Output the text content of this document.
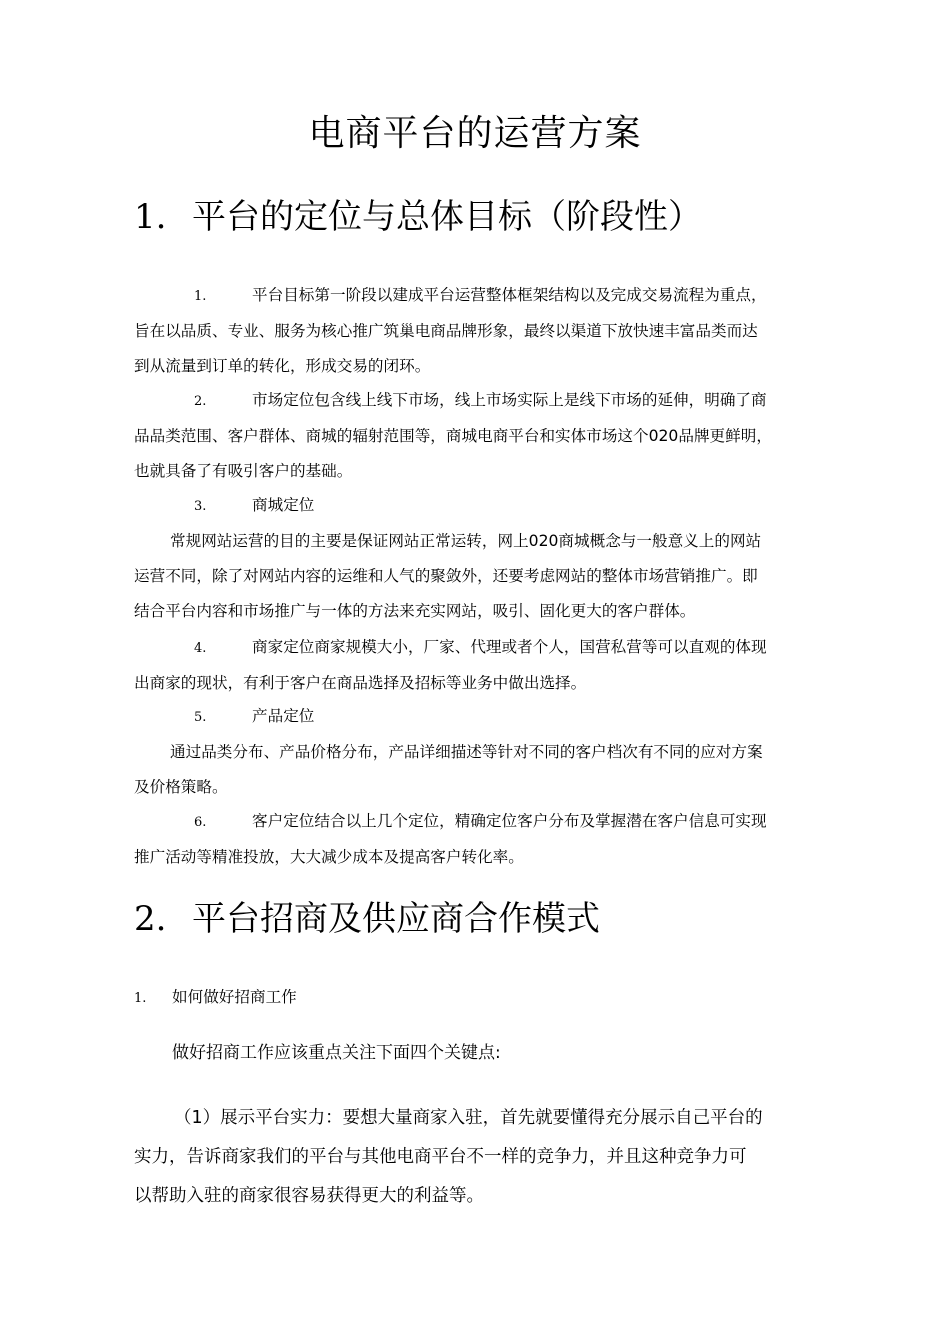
电商平台的运营方案
1. 平台的定位与总体目标（阶段性）
1.	平台目标第一阶段以建成平台运营整体框架结构以及完成交易流程为重点，
旨在以品质、专业、服务为核心推广筑巢电商品牌形象，最终以渠道下放快速丰富品类而达
到从流量到订单的转化，形成交易的闭环。
2.	市场定位包含线上线下市场，线上市场实际上是线下市场的延伸，明确了商
品品类范围、客户群体、商城的辐射范围等，商城电商平台和实体市场这个020品牌更鲜明，
也就具备了有吸引客户的基础。
3.	商城定位
常规网站运营的目的主要是保证网站正常运转，网上020商城概念与一般意义上的网站
运营不同，除了对网站内容的运维和人气的聚敛外，还要考虑网站的整体市场营销推广。即
结合平台内容和市场推广与一体的方法来充实网站，吸引、固化更大的客户群体。
4.	商家定位商家规模大小，厂家、代理或者个人，国营私营等可以直观的体现
出商家的现状，有利于客户在商品选择及招标等业务中做出选择。
5.	产品定位
通过品类分布、产品价格分布，产品详细描述等针对不同的客户档次有不同的应对方案
及价格策略。
6.	客户定位结合以上几个定位，精确定位客户分布及掌握潜在客户信息可实现
推广活动等精准投放，大大减少成本及提高客户转化率。
2. 平台招商及供应商合作模式
1. 如何做好招商工作
做好招商工作应该重点关注下面四个关键点:
（1）展示平台实力：要想大量商家入驻，首先就要懂得充分展示自己平台的
实力，告诉商家我们的平台与其他电商平台不一样的竞争力，并且这种竞争力可
以帮助入驻的商家很容易获得更大的利益等。
